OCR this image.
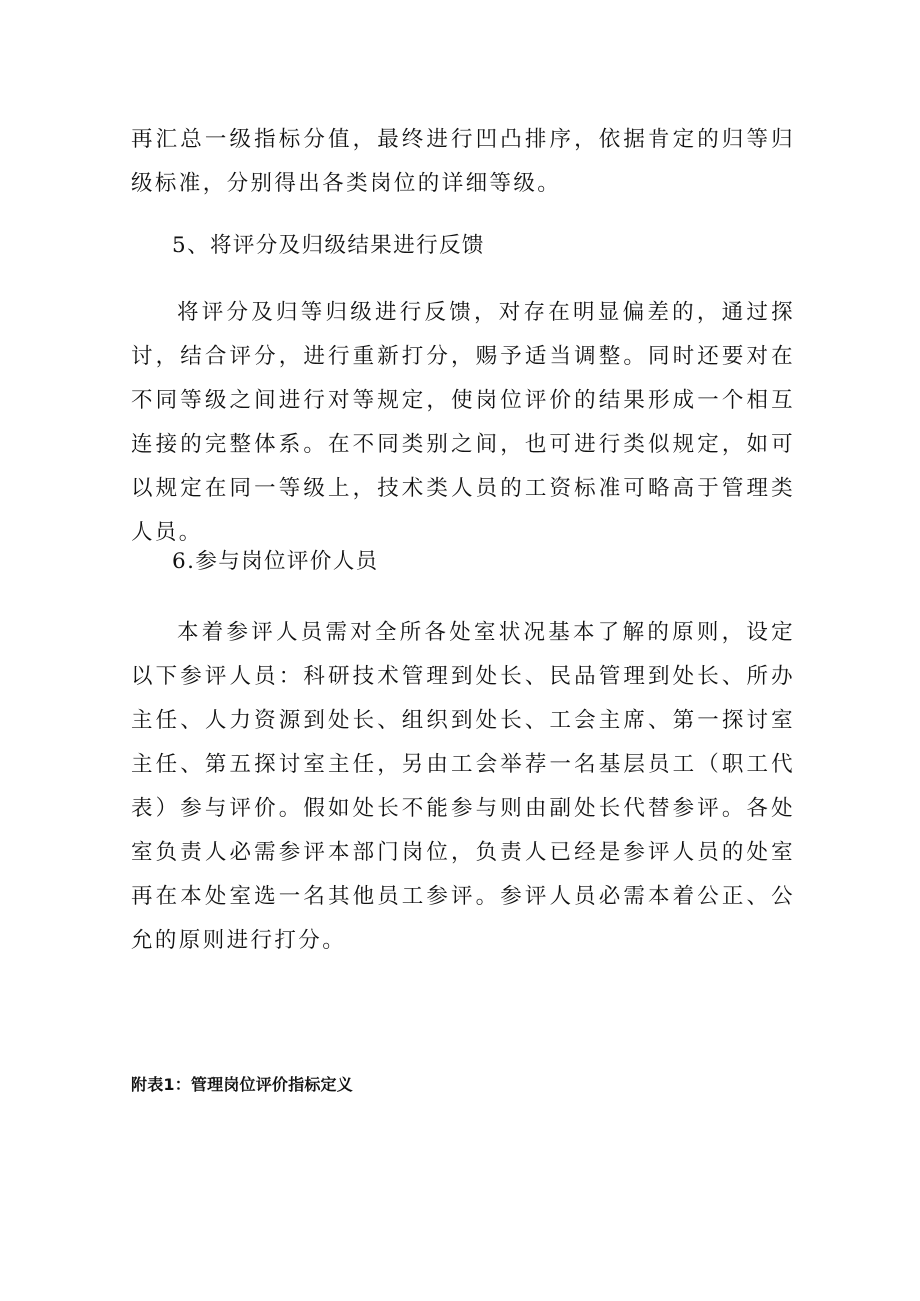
再汇总一级指标分值，最终进行凹凸排序，依据肯定的归等归级标准，分别得出各类岗位的详细等级。

5、将评分及归级结果进行反馈

将评分及归等归级进行反馈，对存在明显偏差的，通过探讨，结合评分，进行重新打分，赐予适当调整。同时还要对在不同等级之间进行对等规定，使岗位评价的结果形成一个相互连接的完整体系。在不同类别之间，也可进行类似规定，如可以规定在同一等级上，技术类人员的工资标准可略高于管理类人员。

6.参与岗位评价人员

本着参评人员需对全所各处室状况基本了解的原则，设定以下参评人员：科研技术管理到处长、民品管理到处长、所办主任、人力资源到处长、组织到处长、工会主席、第一探讨室主任、第五探讨室主任，另由工会举荐一名基层员工（职工代表）参与评价。假如处长不能参与则由副处长代替参评。各处室负责人必需参评本部门岗位，负责人已经是参评人员的处室再在本处室选一名其他员工参评。参评人员必需本着公正、公允的原则进行打分。

附表1：管理岗位评价指标定义
